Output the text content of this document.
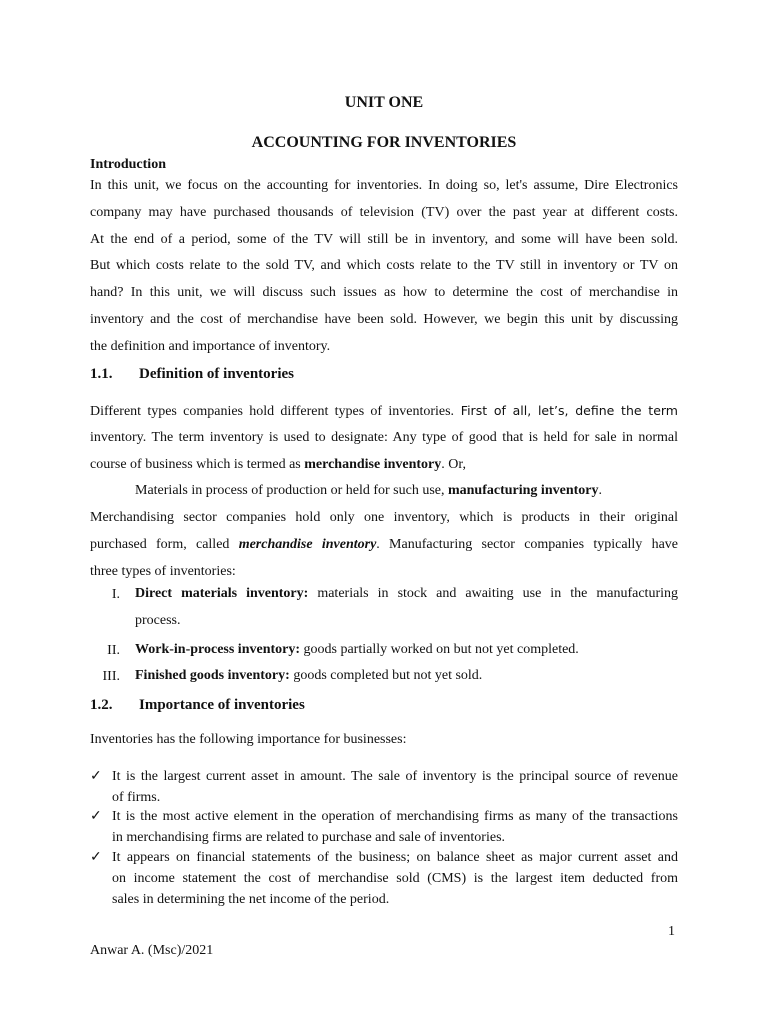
UNIT ONE
ACCOUNTING FOR INVENTORIES
Introduction
In this unit, we focus on the accounting for inventories. In doing so, let's assume, Dire Electronics
company may have purchased thousands of television (TV) over the past year at different costs.
At the end of a period, some of the TV will still be in inventory, and some will have been sold.
But which costs relate to the sold TV, and which costs relate to the TV still in inventory or TV on
hand? In this unit, we will discuss such issues as how to determine the cost of merchandise in
inventory and the cost of merchandise have been sold. However, we begin this unit by discussing
the definition and importance of inventory.
1.1. Definition of inventories
Different types companies hold different types of inventories. First of all, let’s, define the term
inventory. The term inventory is used to designate: Any type of good that is held for sale in normal
course of business which is termed as merchandise inventory. Or,
Materials in process of production or held for such use, manufacturing inventory.
Merchandising sector companies hold only one inventory, which is products in their original
purchased form, called merchandise inventory. Manufacturing sector companies typically have
three types of inventories:
I. Direct materials inventory: materials in stock and awaiting use in the manufacturing
process.
II. Work-in-process inventory: goods partially worked on but not yet completed.
III. Finished goods inventory: goods completed but not yet sold.
1.2. Importance of inventories
Inventories has the following importance for businesses:
✓ It is the largest current asset in amount. The sale of inventory is the principal source of revenue
of firms.
✓ It is the most active element in the operation of merchandising firms as many of the transactions
in merchandising firms are related to purchase and sale of inventories.
✓ It appears on financial statements of the business; on balance sheet as major current asset and
on income statement the cost of merchandise sold (CMS) is the largest item deducted from
sales in determining the net income of the period.
1
Anwar A. (Msc)/2021
